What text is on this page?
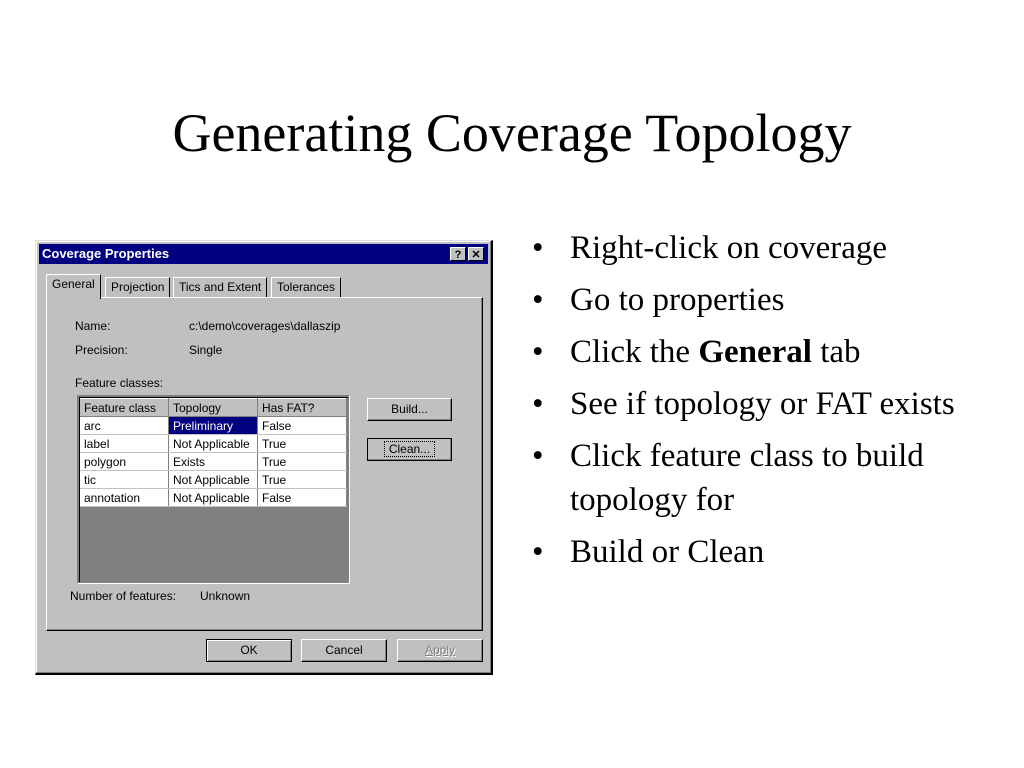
Generating Coverage Topology
Coverage Properties	? ✕
General	Projection	Tics and Extent	Tolerances
Name:	c:\demo\coverages\dallaszip
Precision:	Single
Feature classes:
Feature class	Topology	Has FAT?
arc	Preliminary	False
label	Not Applicable	True
polygon	Exists	True
tic	Not Applicable	True
annotation	Not Applicable	False
Build...
Clean...
Number of features: Unknown
OK	Cancel	Apply
• Right-click on coverage
• Go to properties
• Click the General tab
• See if topology or FAT exists
• Click feature class to build topology for
• Build or Clean
